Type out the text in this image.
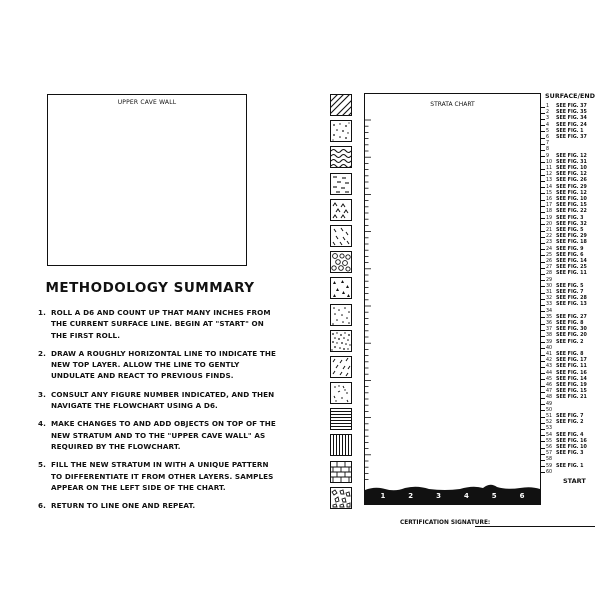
UPPER CAVE WALL
METHODOLOGY SUMMARY
1. ROLL A D6 AND COUNT UP THAT MANY INCHES FROM THE CURRENT SURFACE LINE. BEGIN AT "START" ON THE FIRST ROLL.
2. DRAW A ROUGHLY HORIZONTAL LINE TO INDICATE THE NEW TOP LAYER. ALLOW THE LINE TO GENTLY UNDULATE AND REACT TO PREVIOUS FINDS.
3. CONSULT ANY FIGURE NUMBER INDICATED, AND THEN NAVIGATE THE FLOWCHART USING A D6.
4. MAKE CHANGES TO AND ADD OBJECTS ON TOP OF THE NEW STRATUM AND TO THE "UPPER CAVE WALL" AS REQUIRED BY THE FLOWCHART.
5. FILL THE NEW STRATUM IN WITH A UNIQUE PATTERN TO DIFFERENTIATE IT FROM OTHER LAYERS. SAMPLES APPEAR ON THE LEFT SIDE OF THE CHART.
6. RETURN TO LINE ONE AND REPEAT.
STRATA CHART
1	2	3	4	5	6
SURFACE/END
1	SEE FIG. 37
2	SEE FIG. 35
3	SEE FIG. 34
4	SEE FIG. 24
5	SEE FIG. 1
6	SEE FIG. 37
7
8
9	SEE FIG. 12
10 SEE FIG. 31
11 SEE FIG. 10
12 SEE FIG. 12
13 SEE FIG. 26
14 SEE FIG. 29
15 SEE FIG. 12
16 SEE FIG. 10
17 SEE FIG. 15
18 SEE FIG. 22
19 SEE FIG. 3
20 SEE FIG. 32
21 SEE FIG. 5
22 SEE FIG. 29
23 SEE FIG. 18
24 SEE FIG. 9
25 SEE FIG. 6
26 SEE FIG. 14
27 SEE FIG. 25
28 SEE FIG. 11
29
30 SEE FIG. 5
31 SEE FIG. 7
32 SEE FIG. 28
33 SEE FIG. 13
34
35 SEE FIG. 27
36 SEE FIG. 8
37 SEE FIG. 30
38 SEE FIG. 20
39 SEE FIG. 2
40
41 SEE FIG. 8
42 SEE FIG. 17
43 SEE FIG. 11
44 SEE FIG. 16
45 SEE FIG. 14
46 SEE FIG. 19
47 SEE FIG. 15
48 SEE FIG. 21
49
50
51 SEE FIG. 7
52 SEE FIG. 2
53
54 SEE FIG. 4
55 SEE FIG. 16
56 SEE FIG. 10
57 SEE FIG. 3
58
59 SEE FIG. 1
60
START
CERTIFICATION SIGNATURE:
